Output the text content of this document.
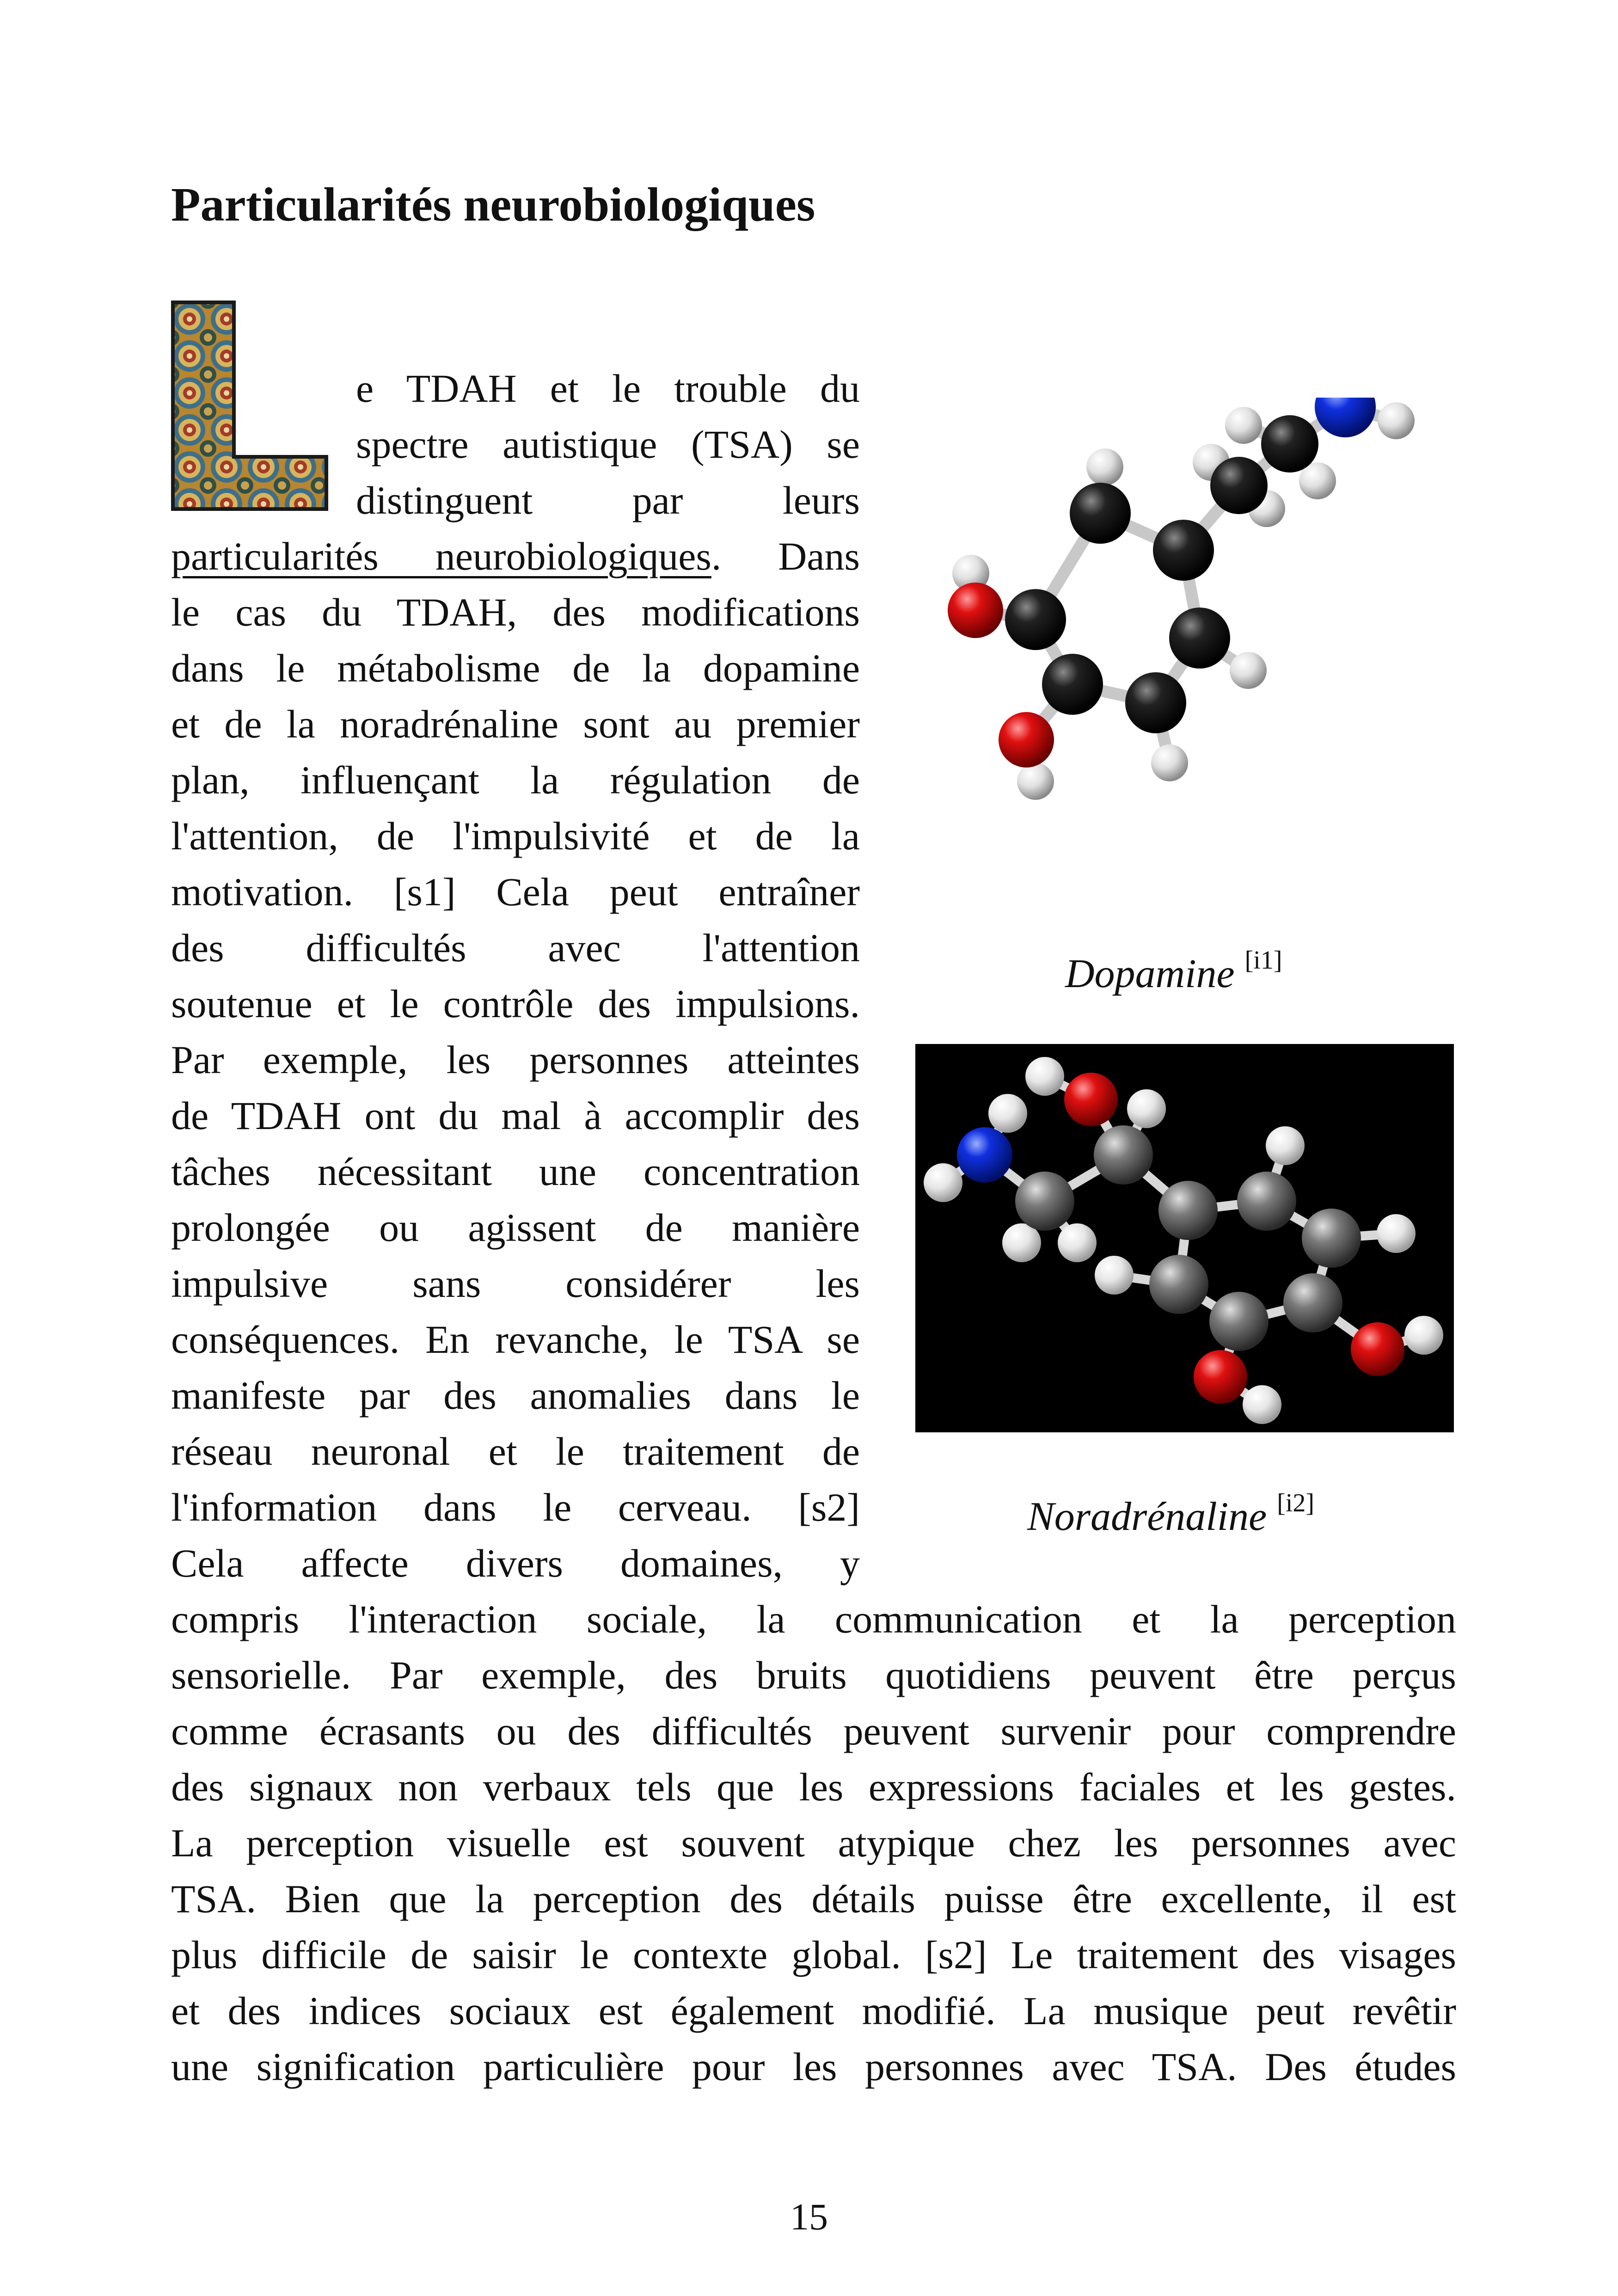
Particularités neurobiologiques
e TDAH et le trouble du
spectre autistique (TSA) se
distinguent par leurs
particularités neurobiologiques. Dans
le cas du TDAH, des modifications
dans le métabolisme de la dopamine
et de la noradrénaline sont au premier
plan, influençant la régulation de
l'attention, de l'impulsivité et de la
motivation. [s1] Cela peut entraîner
des difficultés avec l'attention
soutenue et le contrôle des impulsions.
Par exemple, les personnes atteintes
de TDAH ont du mal à accomplir des
tâches nécessitant une concentration
prolongée ou agissent de manière
impulsive sans considérer les
conséquences. En revanche, le TSA se
manifeste par des anomalies dans le
réseau neuronal et le traitement de
l'information dans le cerveau. [s2]
Cela affecte divers domaines, y
compris l'interaction sociale, la communication et la perception
sensorielle. Par exemple, des bruits quotidiens peuvent être perçus
comme écrasants ou des difficultés peuvent survenir pour comprendre
des signaux non verbaux tels que les expressions faciales et les gestes.
La perception visuelle est souvent atypique chez les personnes avec
TSA. Bien que la perception des détails puisse être excellente, il est
plus difficile de saisir le contexte global. [s2] Le traitement des visages
et des indices sociaux est également modifié. La musique peut revêtir
une signification particulière pour les personnes avec TSA. Des études
Dopamine [i1]
Noradrénaline [i2]
15
